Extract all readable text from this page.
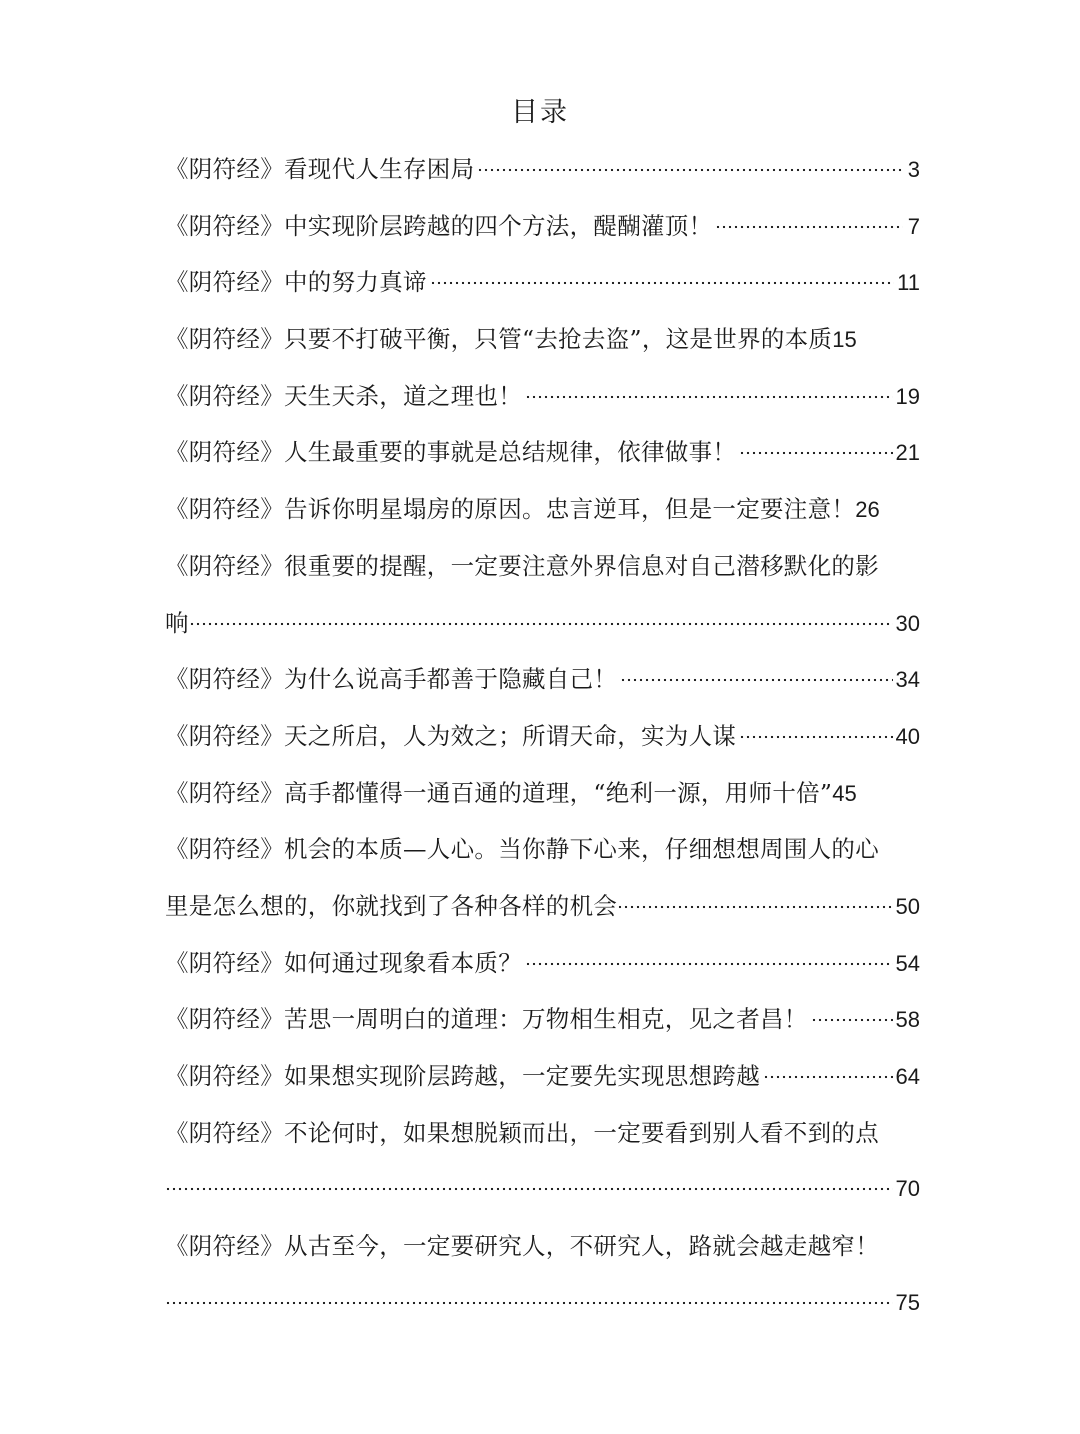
目录
《阴符经》看现代人生存困局	3
《阴符经》中实现阶层跨越的四个方法，醍醐灌顶！	7
《阴符经》中的努力真谛	11
《阴符经》只要不打破平衡，只管“去抢去盗”，这是世界的本质 15
《阴符经》天生天杀，道之理也！	19
《阴符经》人生最重要的事就是总结规律，依律做事！	21
《阴符经》告诉你明星塌房的原因。忠言逆耳，但是一定要注意！ 26
《阴符经》很重要的提醒，一定要注意外界信息对自己潜移默化的影
响	30
《阴符经》为什么说高手都善于隐藏自己！	34
《阴符经》天之所启，人为效之；所谓天命，实为人谋	40
《阴符经》高手都懂得一通百通的道理，“绝利一源，用师十倍” 45
《阴符经》机会的本质—人心。当你静下心来，仔细想想周围人的心
里是怎么想的，你就找到了各种各样的机会	50
《阴符经》如何通过现象看本质？	54
《阴符经》苦思一周明白的道理：万物相生相克，见之者昌！	58
《阴符经》如果想实现阶层跨越，一定要先实现思想跨越	64
《阴符经》不论何时，如果想脱颖而出，一定要看到别人看不到的点
70
《阴符经》从古至今，一定要研究人，不研究人，路就会越走越窄！
75
